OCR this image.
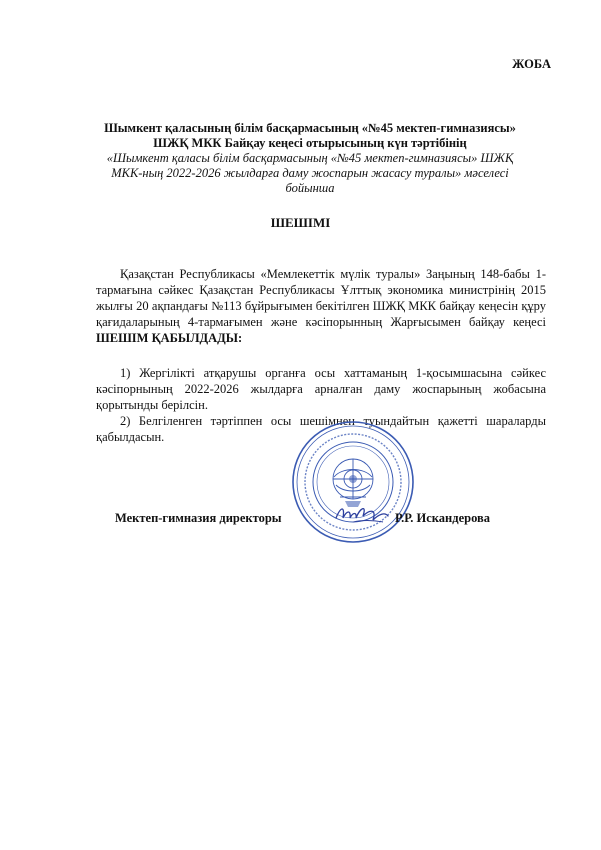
ЖОБА
Шымкент қаласының білім басқармасының «№45 мектеп-гимназиясы»
ШЖҚ МКК Байқау кеңесі отырысының күн тәртібінің
«Шымкент қаласы білім басқармасының «№45 мектеп-гимназиясы» ШЖҚ
МКК-ның 2022-2026 жылдарға даму жоспарын жасасу туралы» мәселесі
бойынша
ШЕШІМІ
Қазақстан Республикасы «Мемлекеттік мүлік туралы» Заңының 148-бабы 1-тармағына сәйкес Қазақстан Республикасы Ұлттық экономика министрінің 2015 жылғы 20 ақпандағы №113 бұйрығымен бекітілген ШЖҚ МКК байқау кеңесін құру қағидаларының 4-тармағымен және кәсіпорынның Жарғысымен байқау кеңесі ШЕШІМ ҚАБЫЛДАДЫ:
1) Жергілікті атқарушы органға осы хаттаманың 1-қосымшасына сәйкес кәсіпорнының 2022-2026 жылдарға арналған даму жоспарының жобасына қорытынды берілсін.
2) Белгіленген тәртіппен осы шешімнен туындайтын қажетті шараларды қабылдасын.
Мектеп-гимназия директоры	Р.Р. Искандерова
